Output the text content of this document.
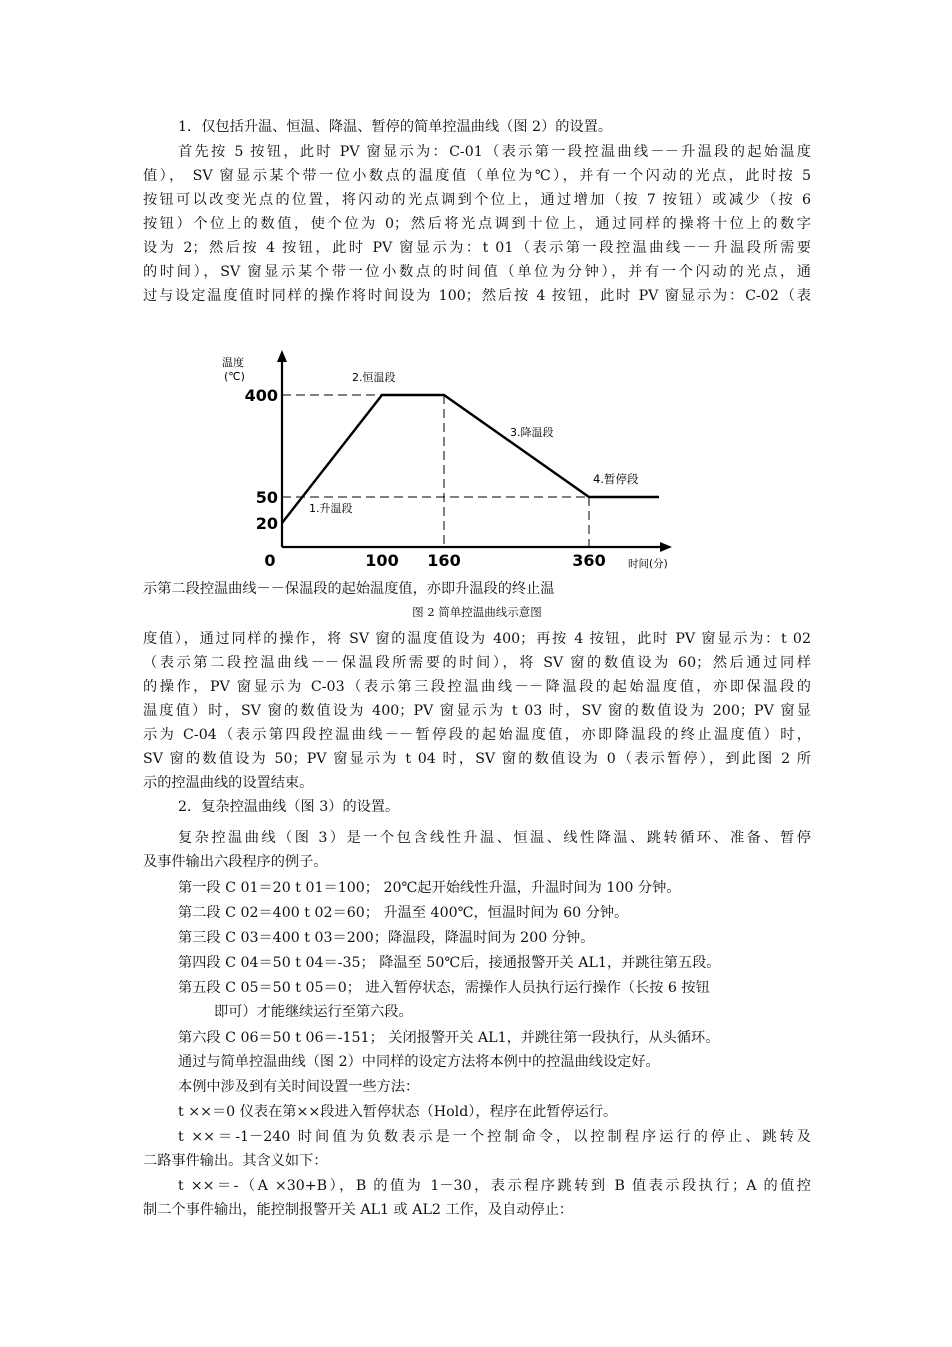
1．仅包括升温、恒温、降温、暂停的简单控温曲线（图 2）的设置。
首先按 5 按钮，此时 PV 窗显示为：C-01（表示第一段控温曲线－－升温段的起始温度
值）， SV 窗显示某个带一位小数点的温度值（单位为℃），并有一个闪动的光点，此时按 5
按钮可以改变光点的位置，将闪动的光点调到个位上，通过增加（按 7 按钮）或减少（按 6
按钮）个位上的数值，使个位为 0；然后将光点调到十位上，通过同样的操将十位上的数字
设为 2；然后按 4 按钮，此时 PV 窗显示为：t 01（表示第一段控温曲线－－升温段所需要
的时间），SV 窗显示某个带一位小数点的时间值（单位为分钟），并有一个闪动的光点，通
过与设定温度值时同样的操作将时间设为 100；然后按 4 按钮，此时 PV 窗显示为：C-02（表
温度
(℃)
时间(分)
0	100 160	360
20
50
400
1.升温段
2.恒温段
3.降温段
4.暂停段
示第二段控温曲线－－保温段的起始温度值，亦即升温段的终止温
图 2 简单控温曲线示意图
度值），通过同样的操作，将 SV 窗的温度值设为 400；再按 4 按钮，此时 PV 窗显示为：t 02
（表示第二段控温曲线－－保温段所需要的时间），将 SV 窗的数值设为 60；然后通过同样
的操作，PV 窗显示为 C-03（表示第三段控温曲线－－降温段的起始温度值，亦即保温段的
温度值）时，SV 窗的数值设为 400；PV 窗显示为 t 03 时，SV 窗的数值设为 200；PV 窗显
示为 C-04（表示第四段控温曲线－－暂停段的起始温度值，亦即降温段的终止温度值）时，
SV 窗的数值设为 50；PV 窗显示为 t 04 时，SV 窗的数值设为 0（表示暂停），到此图 2 所
示的控温曲线的设置结束。
2．复杂控温曲线（图 3）的设置。
复杂控温曲线（图 3）是一个包含线性升温、恒温、线性降温、跳转循环、准备、暂停
及事件输出六段程序的例子。
第一段 C 01＝20 t 01＝100； 20℃起开始线性升温，升温时间为 100 分钟。
第二段 C 02＝400 t 02＝60； 升温至 400℃，恒温时间为 60 分钟。
第三段 C 03＝400 t 03＝200；降温段，降温时间为 200 分钟。
第四段 C 04＝50 t 04＝-35； 降温至 50℃后，接通报警开关 AL1，并跳往第五段。
第五段 C 05＝50 t 05＝0； 进入暂停状态，需操作人员执行运行操作（长按 6 按钮
即可）才能继续运行至第六段。
第六段 C 06＝50 t 06＝-151； 关闭报警开关 AL1，并跳往第一段执行，从头循环。
通过与简单控温曲线（图 2）中同样的设定方法将本例中的控温曲线设定好。
本例中涉及到有关时间设置一些方法：
t ××＝0 仪表在第××段进入暂停状态（Hold），程序在此暂停运行。
t ××＝-1－240 时间值为负数表示是一个控制命令，以控制程序运行的停止、跳转及
二路事件输出。其含义如下：
t ××＝-（A ×30+B），B 的值为 1－30，表示程序跳转到 B 值表示段执行；A 的值控
制二个事件输出，能控制报警开关 AL1 或 AL2 工作，及自动停止：
